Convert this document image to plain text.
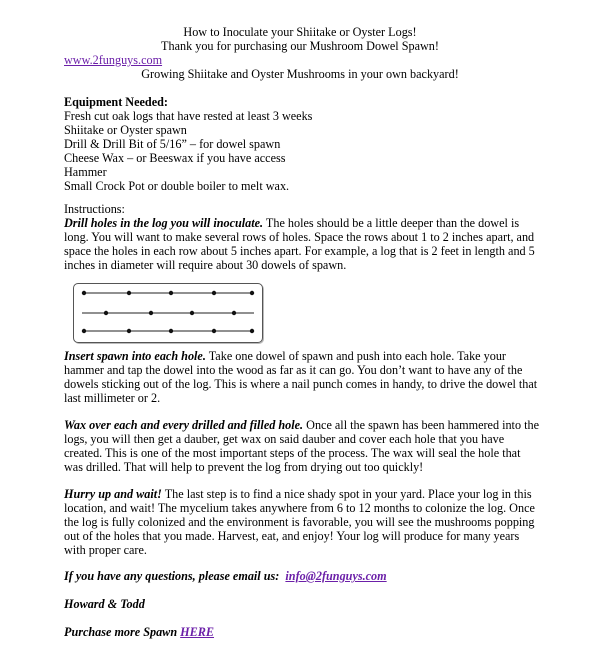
How to Inoculate your Shiitake or Oyster Logs!
Thank you for purchasing our Mushroom Dowel Spawn!
www.2funguys.com
Growing Shiitake and Oyster Mushrooms in your own backyard!
Equipment Needed:
Fresh cut oak logs that have rested at least 3 weeks
Shiitake or Oyster spawn
Drill & Drill Bit of 5/16” – for dowel spawn
Cheese Wax – or Beeswax if you have access
Hammer
Small Crock Pot or double boiler to melt wax.
Instructions:

Drill holes in the log you will inoculate. The holes should be a little deeper than the dowel is long. You will want to make several rows of holes. Space the rows about 1 to 2 inches apart, and space the holes in each row about 5 inches apart. For example, a log that is 2 feet in length and 5 inches in diameter will require about 30 dowels of spawn.

Insert spawn into each hole. Take one dowel of spawn and push into each hole. Take your hammer and tap the dowel into the wood as far as it can go. You don’t want to have any of the dowels sticking out of the log. This is where a nail punch comes in handy, to drive the dowel that last millimeter or 2.

Wax over each and every drilled and filled hole. Once all the spawn has been hammered into the logs, you will then get a dauber, get wax on said dauber and cover each hole that you have created. This is one of the most important steps of the process. The wax will seal the hole that was drilled. That will help to prevent the log from drying out too quickly!

Hurry up and wait! The last step is to find a nice shady spot in your yard. Place your log in this location, and wait! The mycelium takes anywhere from 6 to 12 months to colonize the log. Once the log is fully colonized and the environment is favorable, you will see the mushrooms popping out of the holes that you made. Harvest, eat, and enjoy! Your log will produce for many years with proper care.

If you have any questions, please email us: info@2funguys.com

Howard & Todd

Purchase more Spawn HERE
